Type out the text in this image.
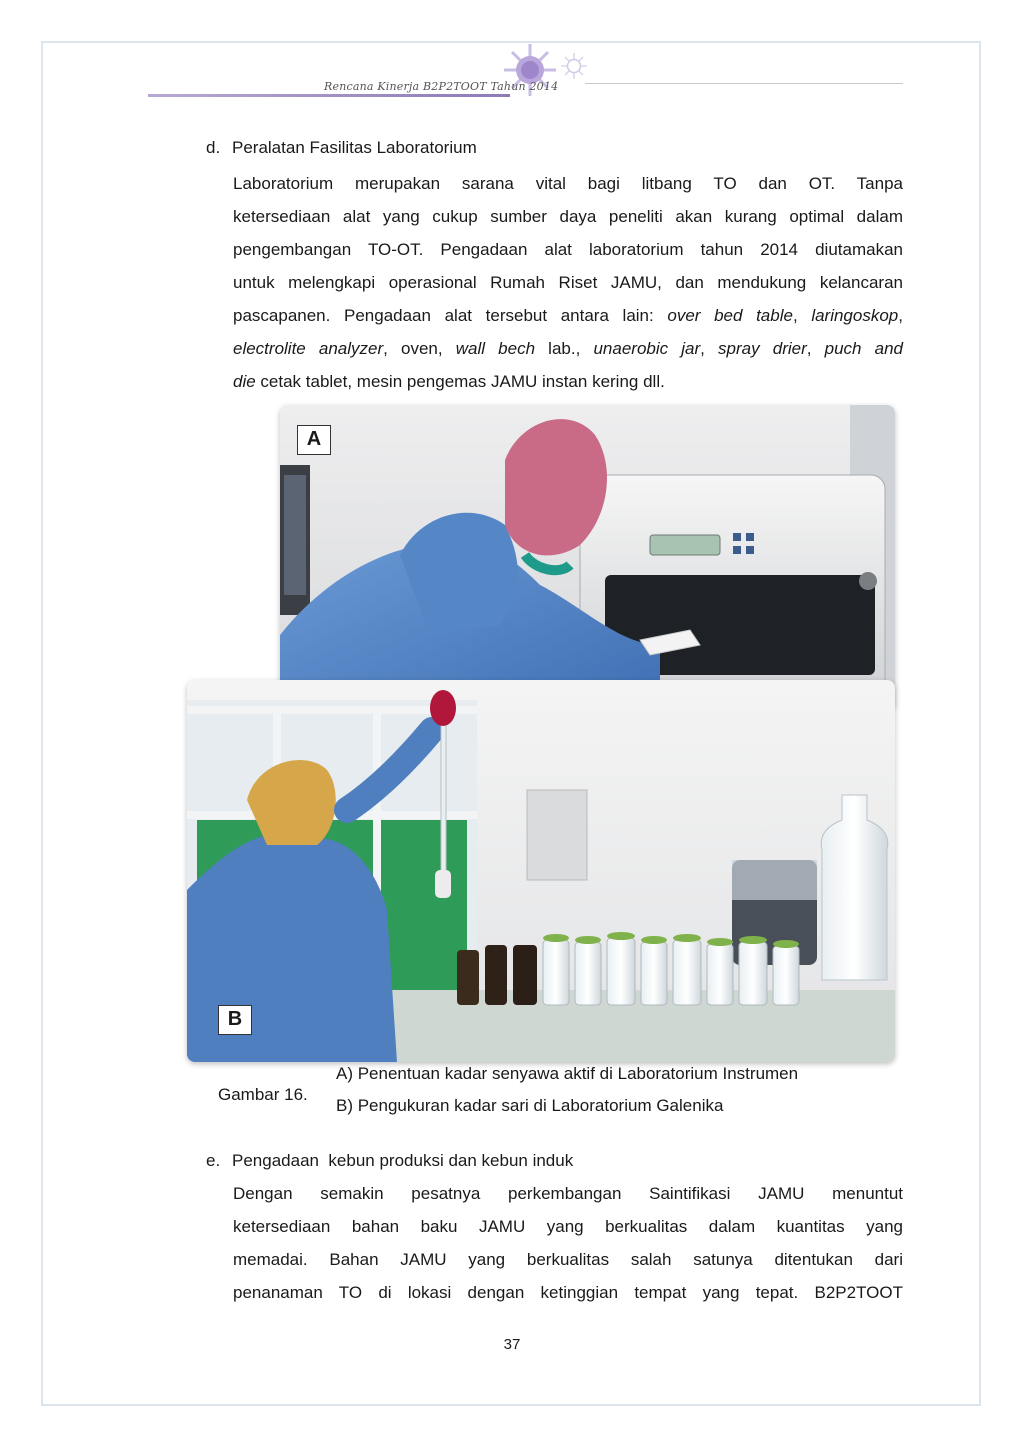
Rencana Kinerja B2P2TOOT Tahun 2014
d. Peralatan Fasilitas Laboratorium
Laboratorium merupakan sarana vital bagi litbang TO dan OT. Tanpa
ketersediaan alat yang cukup sumber daya peneliti akan kurang optimal dalam
pengembangan TO-OT. Pengadaan alat laboratorium tahun 2014 diutamakan
untuk melengkapi operasional Rumah Riset JAMU, dan mendukung kelancaran
pascapanen. Pengadaan alat tersebut antara lain: over bed table, laringoskop,
electrolite analyzer, oven, wall bech lab., unaerobic jar, spray drier, puch and
die cetak tablet, mesin pengemas JAMU instan kering dll.
A
B
Gambar 16.
A) Penentuan kadar senyawa aktif di Laboratorium Instrumen
B) Pengukuran kadar sari di Laboratorium Galenika
e. Pengadaan  kebun produksi dan kebun induk
Dengan semakin pesatnya perkembangan Saintifikasi JAMU menuntut
ketersediaan bahan baku JAMU yang berkualitas dalam kuantitas yang
memadai. Bahan JAMU yang berkualitas salah satunya ditentukan dari
penanaman TO di lokasi dengan ketinggian tempat yang tepat. B2P2TOOT
37
